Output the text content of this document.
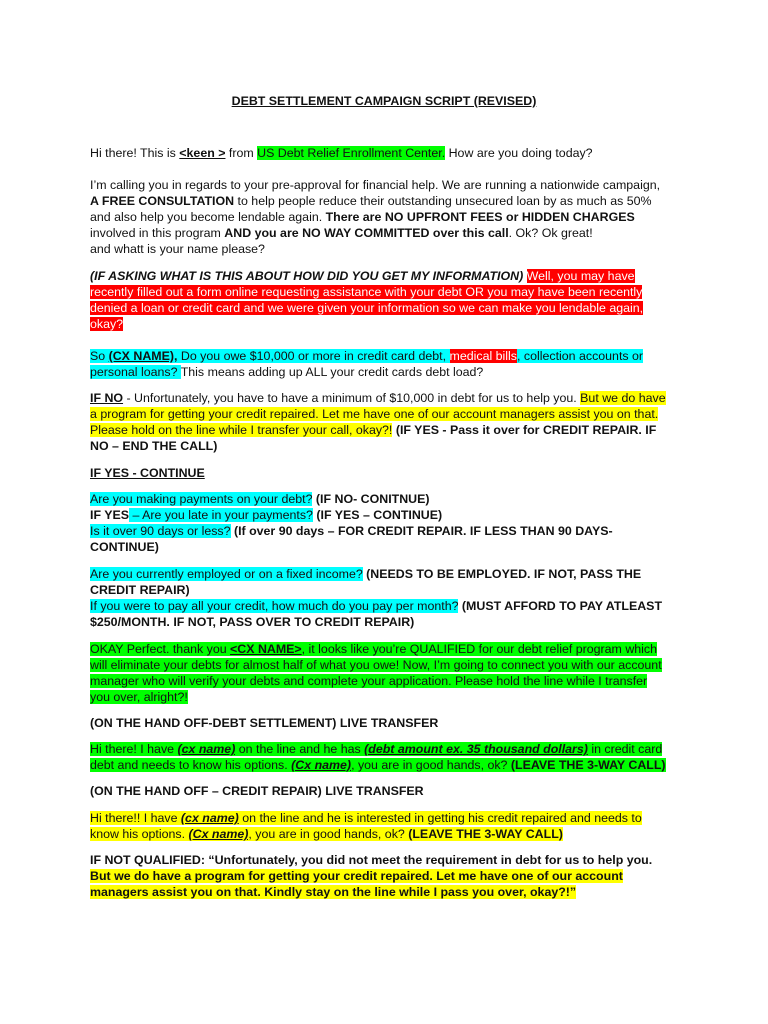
DEBT SETTLEMENT CAMPAIGN SCRIPT (REVISED)
Hi there! This is <keen > from US Debt Relief Enrollment Center. How are you doing today?
I’m calling you in regards to your pre-approval for financial help. We are running a nationwide campaign,
A FREE CONSULTATION to help people reduce their outstanding unsecured loan by as much as 50%
and also help you become lendable again. There are NO UPFRONT FEES or HIDDEN CHARGES
involved in this program AND you are NO WAY COMMITTED over this call. Ok? Ok great!
and whatt is your name please?
(IF ASKING WHAT IS THIS ABOUT HOW DID YOU GET MY INFORMATION) Well, you may have
recently filled out a form online requesting assistance with your debt OR you may have been recently
denied a loan or credit card and we were given your information so we can make you lendable again,
okay?
So (CX NAME), Do you owe $10,000 or more in credit card debt, medical bills, collection accounts or
personal loans? This means adding up ALL your credit cards debt load?
IF NO - Unfortunately, you have to have a minimum of $10,000 in debt for us to help you. But we do have
a program for getting your credit repaired. Let me have one of our account managers assist you on that.
Please hold on the line while I transfer your call, okay?! (IF YES - Pass it over for CREDIT REPAIR. IF
NO – END THE CALL)
IF YES - CONTINUE
Are you making payments on your debt? (IF NO- CONITNUE)
IF YES – Are you late in your payments? (IF YES – CONTINUE)
Is it over 90 days or less? (If over 90 days – FOR CREDIT REPAIR. IF LESS THAN 90 DAYS-
CONTINUE)
Are you currently employed or on a fixed income? (NEEDS TO BE EMPLOYED. IF NOT, PASS THE
CREDIT REPAIR)
If you were to pay all your credit, how much do you pay per month? (MUST AFFORD TO PAY ATLEAST
$250/MONTH. IF NOT, PASS OVER TO CREDIT REPAIR)
OKAY Perfect. thank you <CX NAME>, it looks like you’re QUALIFIED for our debt relief program which
will eliminate your debts for almost half of what you owe! Now, I’m going to connect you with our account
manager who will verify your debts and complete your application. Please hold the line while I transfer
you over, alright?!
(ON THE HAND OFF-DEBT SETTLEMENT) LIVE TRANSFER
Hi there! I have (cx name) on the line and he has (debt amount ex. 35 thousand dollars) in credit card
debt and needs to know his options. (Cx name), you are in good hands, ok? (LEAVE THE 3-WAY CALL)
(ON THE HAND OFF – CREDIT REPAIR) LIVE TRANSFER
Hi there!! I have (cx name) on the line and he is interested in getting his credit repaired and needs to
know his options. (Cx name), you are in good hands, ok? (LEAVE THE 3-WAY CALL)
IF NOT QUALIFIED: “Unfortunately, you did not meet the requirement in debt for us to help you.
But we do have a program for getting your credit repaired. Let me have one of our account
managers assist you on that. Kindly stay on the line while I pass you over, okay?!”
